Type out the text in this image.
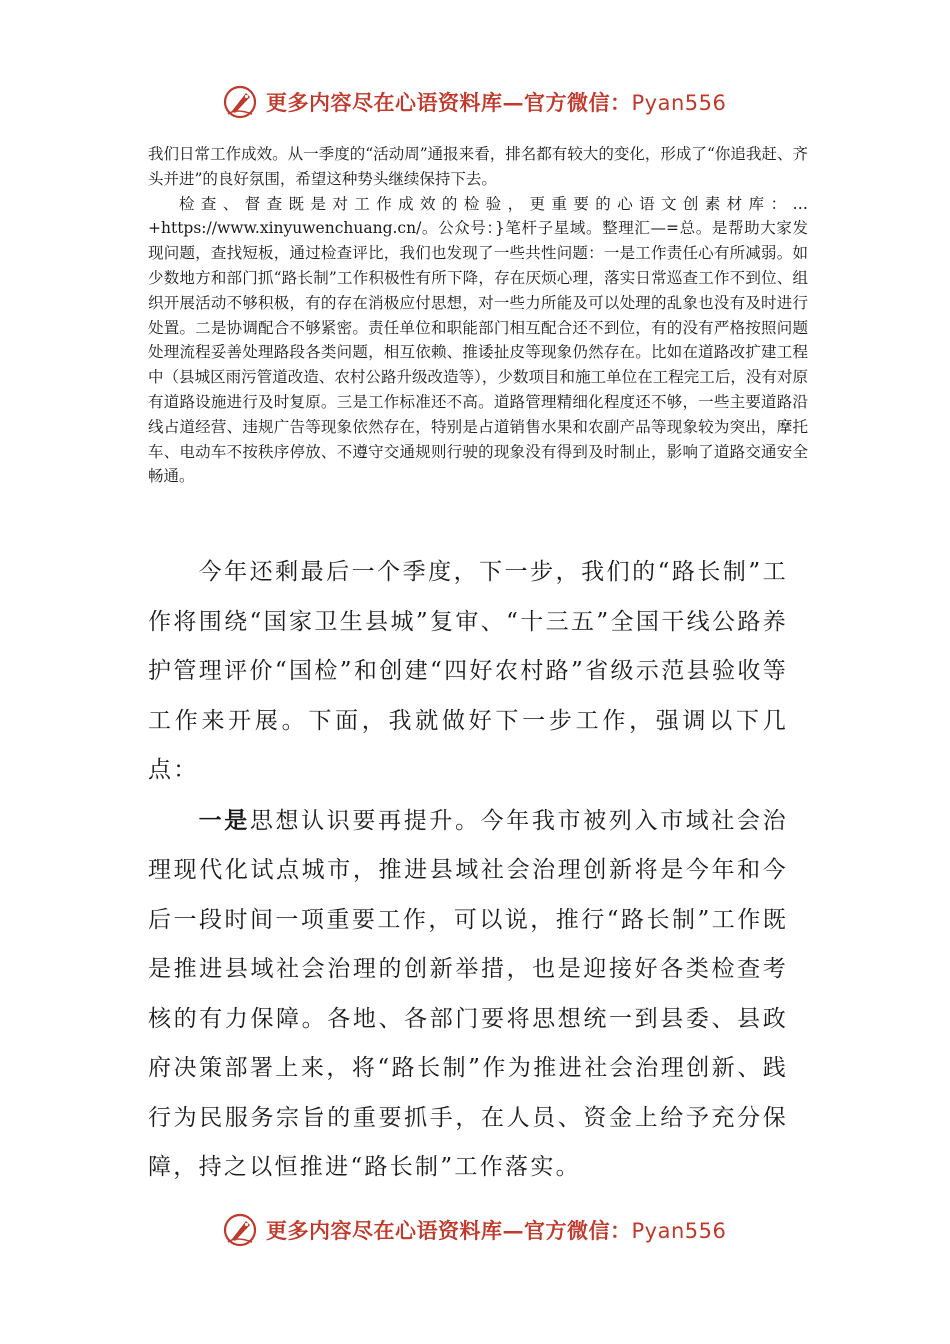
更多内容尽在心语资料库—官方微信：Pyan556

我们日常工作成效。从一季度的“活动周”通报来看，排名都有较大的变化，形成了“你追我赶、齐头并进”的良好氛围，希望这种势头继续保持下去。

检查、督查既是对工作成效的检验，更重要的心语文创素材库：…+https://www.xinyuwenchuang.cn/。公众号：}笔杆子星域。整理汇—=总。是帮助大家发现问题，查找短板，通过检查评比，我们也发现了一些共性问题：一是工作责任心有所减弱。如少数地方和部门抓“路长制”工作积极性有所下降，存在厌烦心理，落实日常巡查工作不到位、组织开展活动不够积极，有的存在消极应付思想，对一些力所能及可以处理的乱象也没有及时进行处置。二是协调配合不够紧密。责任单位和职能部门相互配合还不到位，有的没有严格按照问题处理流程妥善处理路段各类问题，相互依赖、推诿扯皮等现象仍然存在。比如在道路改扩建工程中（县城区雨污管道改造、农村公路升级改造等），少数项目和施工单位在工程完工后，没有对原有道路设施进行及时复原。三是工作标准还不高。道路管理精细化程度还不够，一些主要道路沿线占道经营、违规广告等现象依然存在，特别是占道销售水果和农副产品等现象较为突出，摩托车、电动车不按秩序停放、不遵守交通规则行驶的现象没有得到及时制止，影响了道路交通安全畅通。

今年还剩最后一个季度，下一步，我们的“路长制”工作将围绕“国家卫生县城”复审、“十三五”全国干线公路养护管理评价“国检”和创建“四好农村路”省级示范县验收等工作来开展。下面，我就做好下一步工作，强调以下几点：

一是思想认识要再提升。今年我市被列入市域社会治理现代化试点城市，推进县域社会治理创新将是今年和今后一段时间一项重要工作，可以说，推行“路长制”工作既是推进县域社会治理的创新举措，也是迎接好各类检查考核的有力保障。各地、各部门要将思想统一到县委、县政府决策部署上来，将“路长制”作为推进社会治理创新、践行为民服务宗旨的重要抓手，在人员、资金上给予充分保障，持之以恒推进“路长制”工作落实。

更多内容尽在心语资料库—官方微信：Pyan556
